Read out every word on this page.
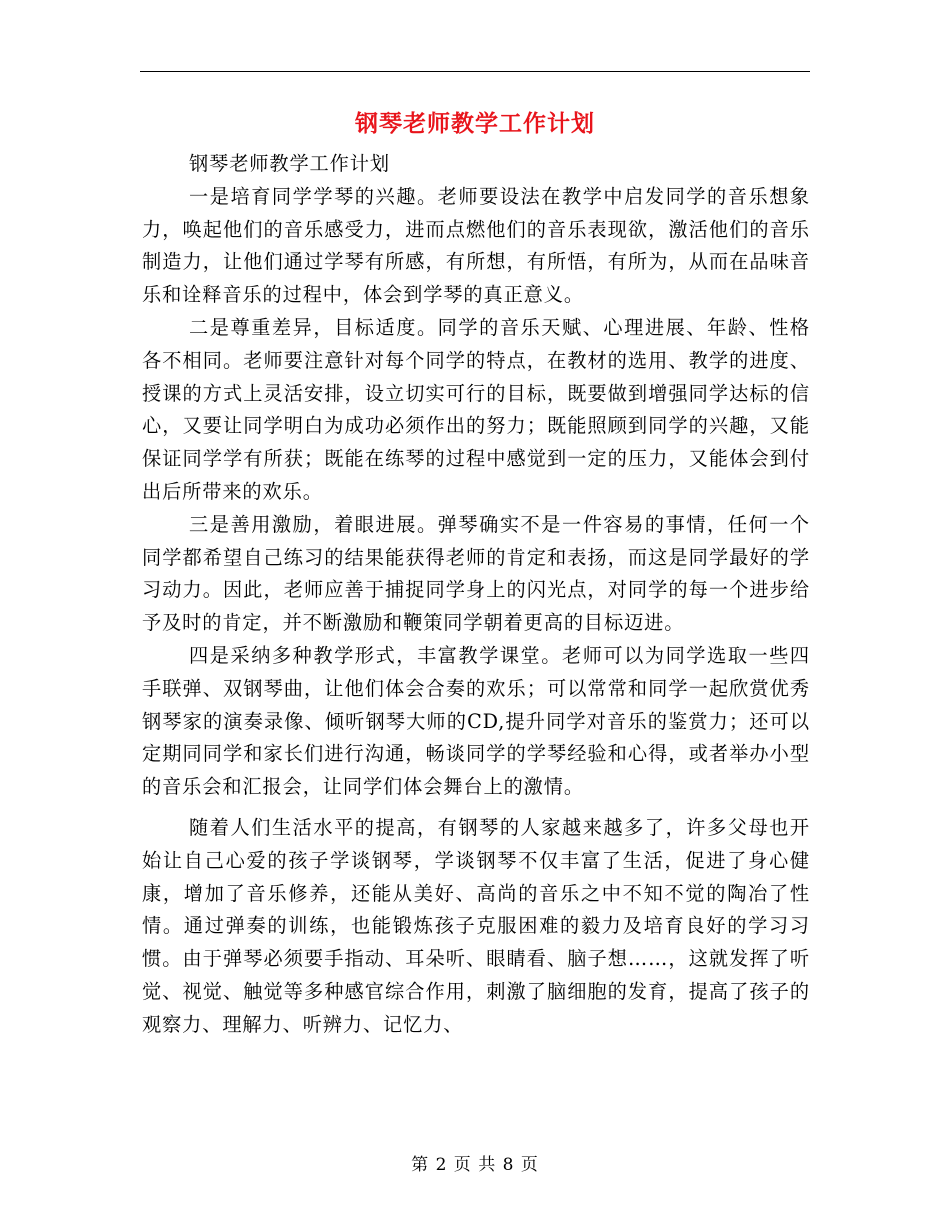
钢琴老师教学工作计划

钢琴老师教学工作计划

一是培育同学学琴的兴趣。老师要设法在教学中启发同学的音乐想象力，唤起他们的音乐感受力，进而点燃他们的音乐表现欲，激活他们的音乐制造力，让他们通过学琴有所感，有所想，有所悟，有所为，从而在品味音乐和诠释音乐的过程中，体会到学琴的真正意义。

二是尊重差异，目标适度。同学的音乐天赋、心理进展、年龄、性格各不相同。老师要注意针对每个同学的特点，在教材的选用、教学的进度、授课的方式上灵活安排，设立切实可行的目标，既要做到增强同学达标的信心，又要让同学明白为成功必须作出的努力；既能照顾到同学的兴趣，又能保证同学学有所获；既能在练琴的过程中感觉到一定的压力，又能体会到付出后所带来的欢乐。

三是善用激励，着眼进展。弹琴确实不是一件容易的事情，任何一个同学都希望自己练习的结果能获得老师的肯定和表扬，而这是同学最好的学习动力。因此，老师应善于捕捉同学身上的闪光点，对同学的每一个进步给予及时的肯定，并不断激励和鞭策同学朝着更高的目标迈进。

四是采纳多种教学形式，丰富教学课堂。老师可以为同学选取一些四手联弹、双钢琴曲，让他们体会合奏的欢乐；可以常常和同学一起欣赏优秀钢琴家的演奏录像、倾听钢琴大师的CD,提升同学对音乐的鉴赏力；还可以定期同同学和家长们进行沟通，畅谈同学的学琴经验和心得，或者举办小型的音乐会和汇报会，让同学们体会舞台上的激情。

随着人们生活水平的提高，有钢琴的人家越来越多了，许多父母也开始让自己心爱的孩子学谈钢琴，学谈钢琴不仅丰富了生活，促进了身心健康，增加了音乐修养，还能从美好、高尚的音乐之中不知不觉的陶冶了性情。通过弹奏的训练，也能锻炼孩子克服困难的毅力及培育良好的学习习惯。由于弹琴必须要手指动、耳朵听、眼睛看、脑子想……，这就发挥了听觉、视觉、触觉等多种感官综合作用，刺激了脑细胞的发育，提高了孩子的观察力、理解力、听辨力、记忆力、

第 2 页 共 8 页
